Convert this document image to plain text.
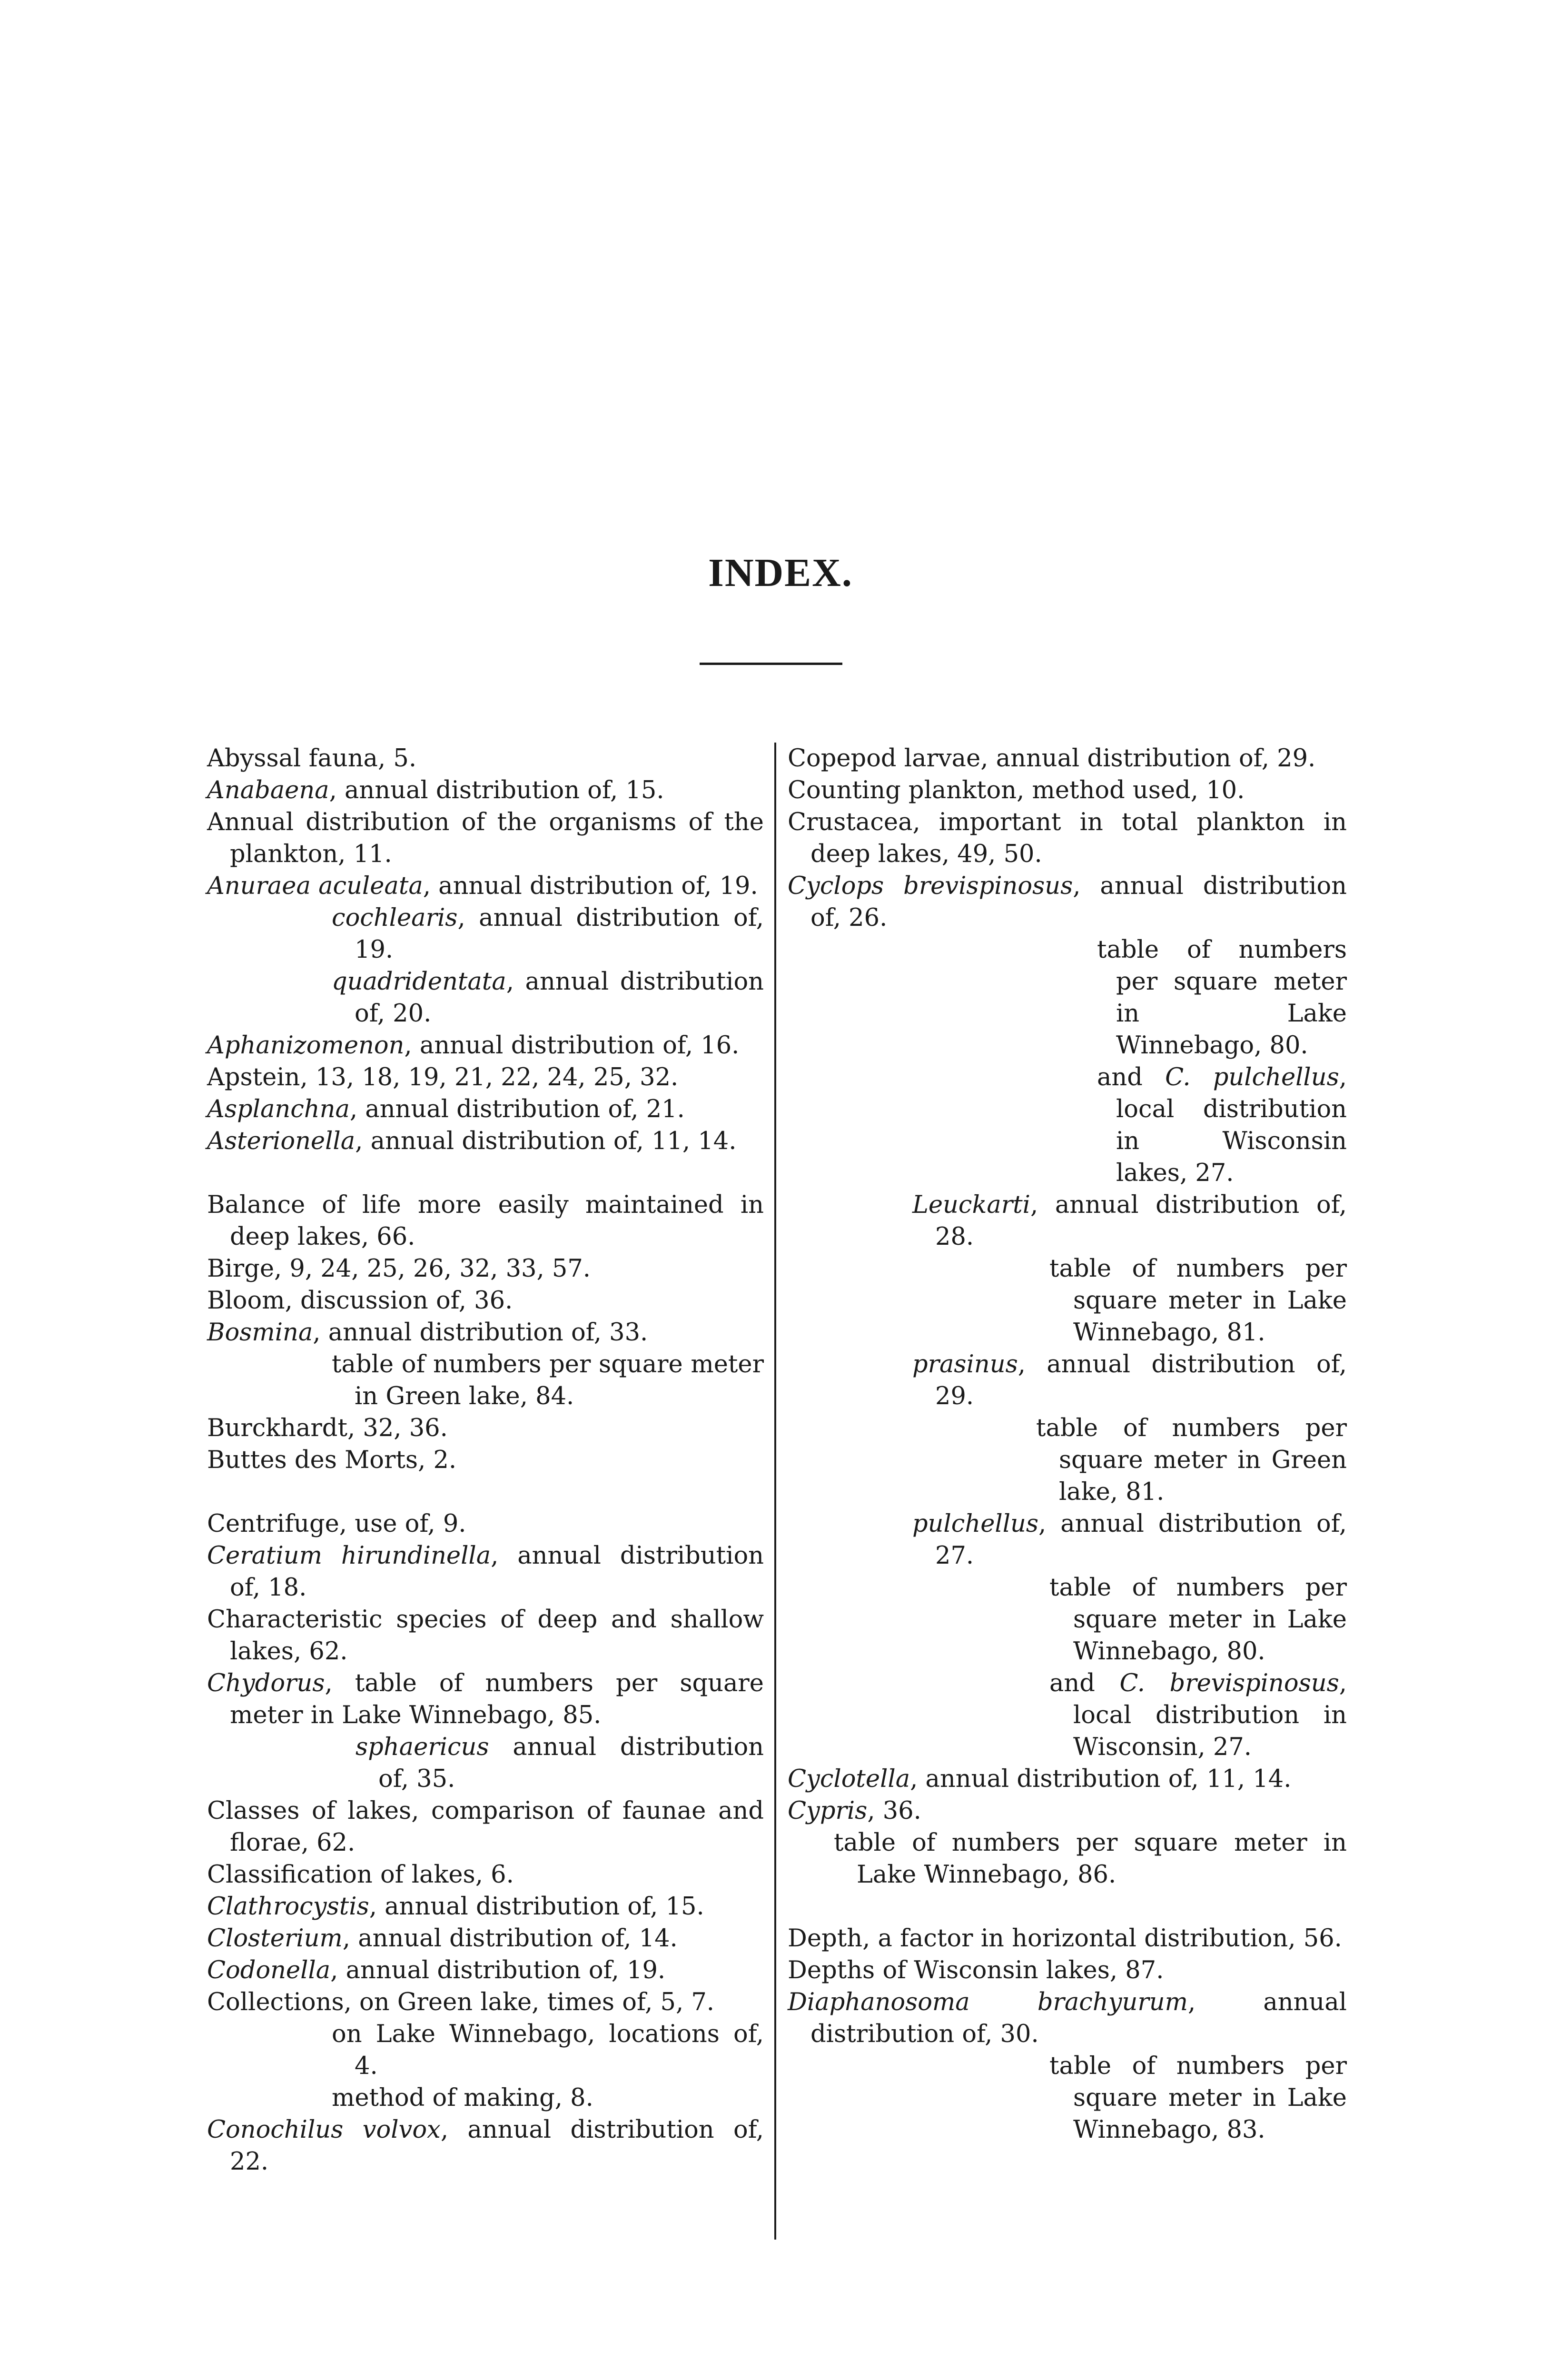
INDEX.

Abyssal fauna, 5.

Anabaena, annual distribution of, 15.

Annual distribution of the organisms of the plankton, 11.

Anuraea aculeata, annual distribution of, 19.

cochlearis, annual distribution of, 19.

quadridentata, annual distribution of, 20.

Aphanizomenon, annual distribution of, 16.

Apstein, 13, 18, 19, 21, 22, 24, 25, 32.

Asplanchna, annual distribution of, 21.

Asterionella, annual distribution of, 11, 14.

Balance of life more easily maintained in deep lakes, 66.

Birge, 9, 24, 25, 26, 32, 33, 57.

Bloom, discussion of, 36.

Bosmina, annual distribution of, 33.

table of numbers per square meter in Green lake, 84.

Burckhardt, 32, 36.

Buttes des Morts, 2.

Centrifuge, use of, 9.

Ceratium hirundinella, annual distribution of, 18.

Characteristic species of deep and shallow lakes, 62.

Chydorus, table of numbers per square meter in Lake Winnebago, 85.

sphaericus annual distribution of, 35.

Classes of lakes, comparison of faunae and florae, 62.

Classification of lakes, 6.

Clathrocystis, annual distribution of, 15.

Closterium, annual distribution of, 14.

Codonella, annual distribution of, 19.

Collections, on Green lake, times of, 5, 7.

on Lake Winnebago, locations of, 4.

method of making, 8.

Conochilus volvox, annual distribution of, 22.

Copepod larvae, annual distribution of, 29.

Counting plankton, method used, 10.

Crustacea, important in total plankton in deep lakes, 49, 50.

Cyclops brevispinosus, annual distribution of, 26.

table of numbers per square meter in Lake Winnebago, 80.

and C. pulchellus, local distribution in Wisconsin lakes, 27.

Leuckarti, annual distribution of, 28.

table of numbers per square meter in Lake Winnebago, 81.

prasinus, annual distribution of, 29.

table of numbers per square meter in Green lake, 81.

pulchellus, annual distribution of, 27.

table of numbers per square meter in Lake Winnebago, 80.

and C. brevispinosus, local distribution in Wisconsin, 27.

Cyclotella, annual distribution of, 11, 14.

Cypris, 36.

table of numbers per square meter in Lake Winnebago, 86.

Depth, a factor in horizontal distribution, 56.

Depths of Wisconsin lakes, 87.

Diaphanosoma brachyurum, annual distribution of, 30.

table of numbers per square meter in Lake Winnebago, 83.
